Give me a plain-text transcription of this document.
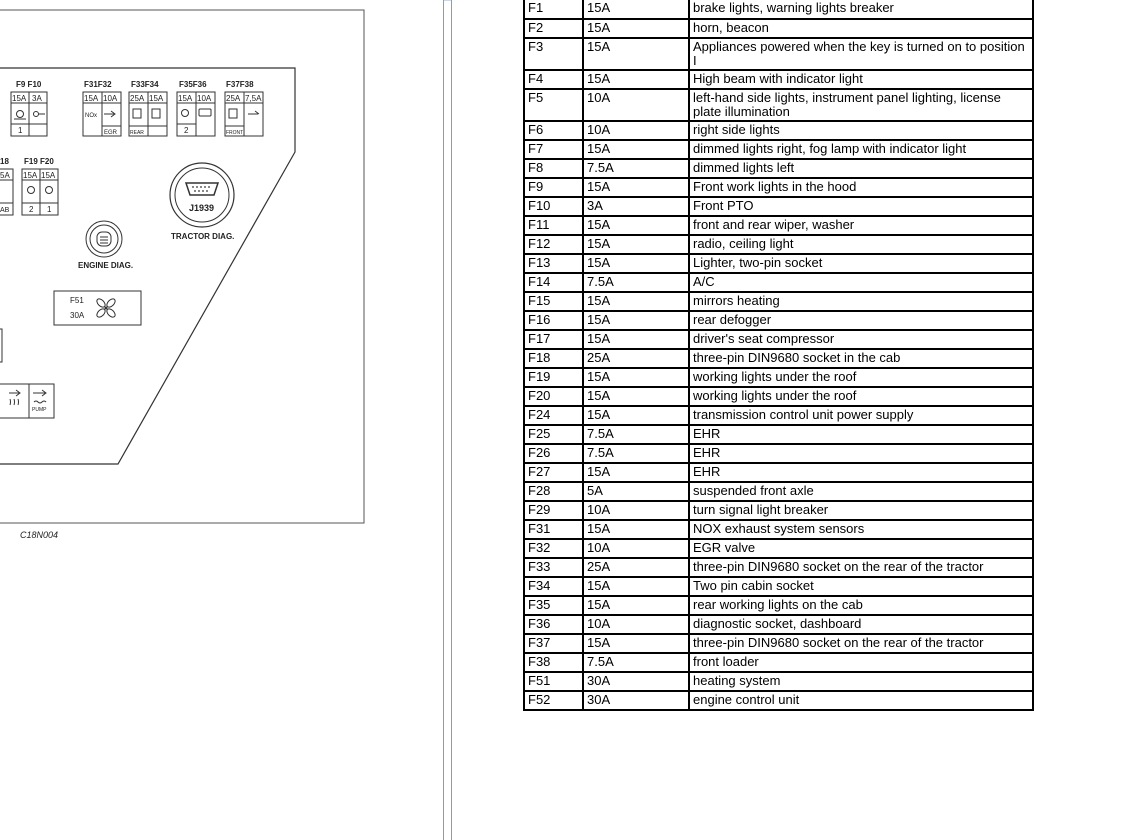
F9 F10
15A 3A
1
F31F32
15A 10A
NOx
EGR
F33F34
25A 15A
REAR
F35F36
15A 10A
2
F37F38
25A 7,5A
FRONT
18
5A
AB
F19 F20
15A 15A
2 1	J1939
TRACTOR DIAG.
ENGINE DIAG.
F51
30A
PUMP
C18N004
F1	15A	brake lights, warning lights breaker
F2	15A	horn, beacon
F3	15A	Appliances powered when the key is turned on to position I
F4	15A	High beam with indicator light
F5	10A	left-hand side lights, instrument panel lighting, license plate illumination
F6	10A	right side lights
F7	15A	dimmed lights right, fog lamp with indicator light
F8	7.5A	dimmed lights left
F9	15A	Front work lights in the hood
F10	3A	Front PTO
F11	15A	front and rear wiper, washer
F12	15A	radio, ceiling light
F13	15A	Lighter, two-pin socket
F14	7.5A	A/C
F15	15A	mirrors heating
F16	15A	rear defogger
F17	15A	driver's seat compressor
F18	25A	three-pin DIN9680 socket in the cab
F19	15A	working lights under the roof
F20	15A	working lights under the roof
F24	15A	transmission control unit power supply
F25	7.5A	EHR
F26	7.5A	EHR
F27	15A	EHR
F28	5A	suspended front axle
F29	10A	turn signal light breaker
F31	15A	NOX exhaust system sensors
F32	10A	EGR valve
F33	25A	three-pin DIN9680 socket on the rear of the tractor
F34	15A	Two pin cabin socket
F35	15A	rear working lights on the cab
F36	10A	diagnostic socket, dashboard
F37	15A	three-pin DIN9680 socket on the rear of the tractor
F38	7.5A	front loader
F51	30A	heating system
F52	30A	engine control unit
